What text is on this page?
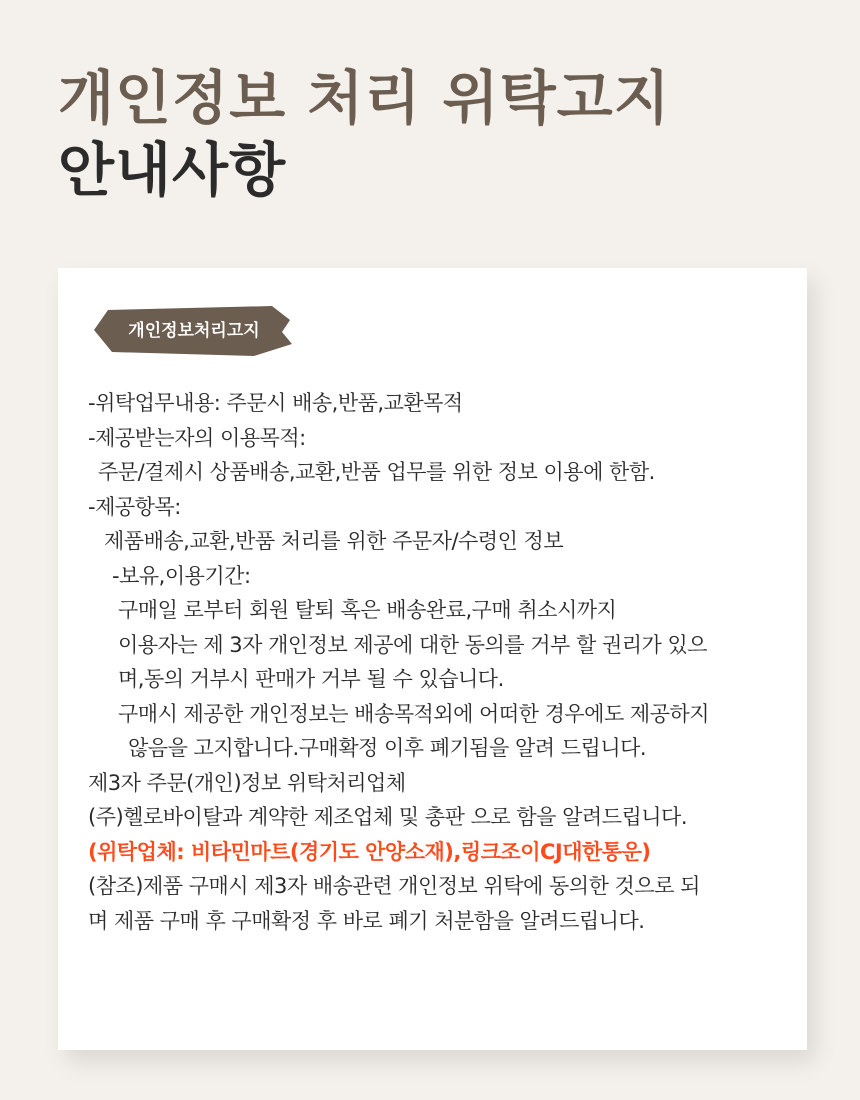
개인정보 처리 위탁고지
안내사항
개인정보처리고지
-위탁업무내용: 주문시 배송,반품,교환목적
-제공받는자의 이용목적:
주문/결제시 상품배송,교환,반품 업무를 위한 정보 이용에 한함.
-제공항목:
제품배송,교환,반품 처리를 위한 주문자/수령인 정보
-보유,이용기간:
구매일 로부터 회원 탈퇴 혹은 배송완료,구매 취소시까지
이용자는 제 3자 개인정보 제공에 대한 동의를 거부 할 권리가 있으
며,동의 거부시 판매가 거부 될 수 있습니다.
구매시 제공한 개인정보는 배송목적외에 어떠한 경우에도 제공하지
않음을 고지합니다.구매확정 이후 폐기됨을 알려 드립니다.
제3자 주문(개인)정보 위탁처리업체
(주)헬로바이탈과 계약한 제조업체 및 총판 으로 함을 알려드립니다.
(위탁업체: 비타민마트(경기도 안양소재),링크조이CJ대한통운)
(참조)제품 구매시 제3자 배송관련 개인정보 위탁에 동의한 것으로 되
며 제품 구매 후 구매확정 후 바로 폐기 처분함을 알려드립니다.
